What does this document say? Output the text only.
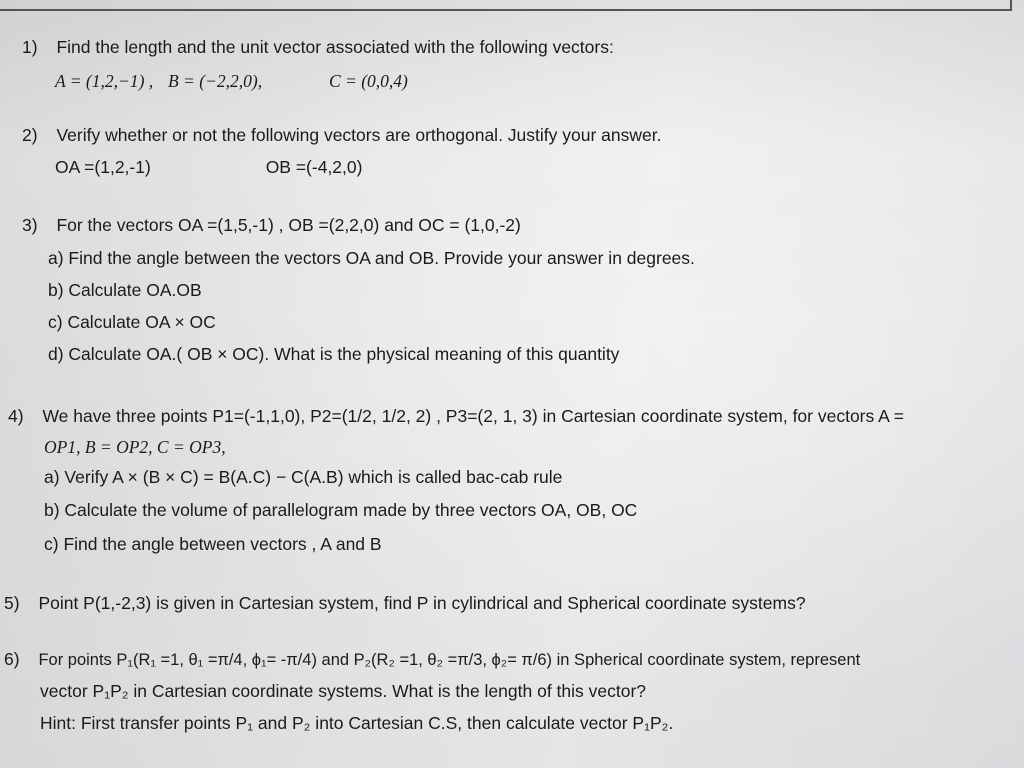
1) Find the length and the unit vector associated with the following vectors:
A = (1,2,−1) , B = (−2,2,0),	C = (0,0,4)
2) Verify whether or not the following vectors are orthogonal. Justify your answer.
OA =(1,2,-1)	OB =(-4,2,0)
3) For the vectors OA =(1,5,-1) , OB =(2,2,0) and OC = (1,0,-2)
a) Find the angle between the vectors OA and OB. Provide your answer in degrees.
b) Calculate OA.OB
c) Calculate OA × OC
d) Calculate OA.( OB × OC). What is the physical meaning of this quantity
4) We have three points P1=(-1,1,0), P2=(1/2, 1/2, 2) , P3=(2, 1, 3) in Cartesian coordinate system, for vectors A =
OP1, B = OP2, C = OP3,
a) Verify A × (B × C) = B(A.C) − C(A.B) which is called bac-cab rule
b) Calculate the volume of parallelogram made by three vectors OA, OB, OC
c) Find the angle between vectors , A and B
5) Point P(1,-2,3) is given in Cartesian system, find P in cylindrical and Spherical coordinate systems?
6) For points P₁(R₁ =1, θ₁ =π/4, ϕ₁= -π/4) and P₂(R₂ =1, θ₂ =π/3, ϕ₂= π/6) in Spherical coordinate system, represent
vector P₁P₂ in Cartesian coordinate systems. What is the length of this vector?
Hint: First transfer points P₁ and P₂ into Cartesian C.S, then calculate vector P₁P₂.
